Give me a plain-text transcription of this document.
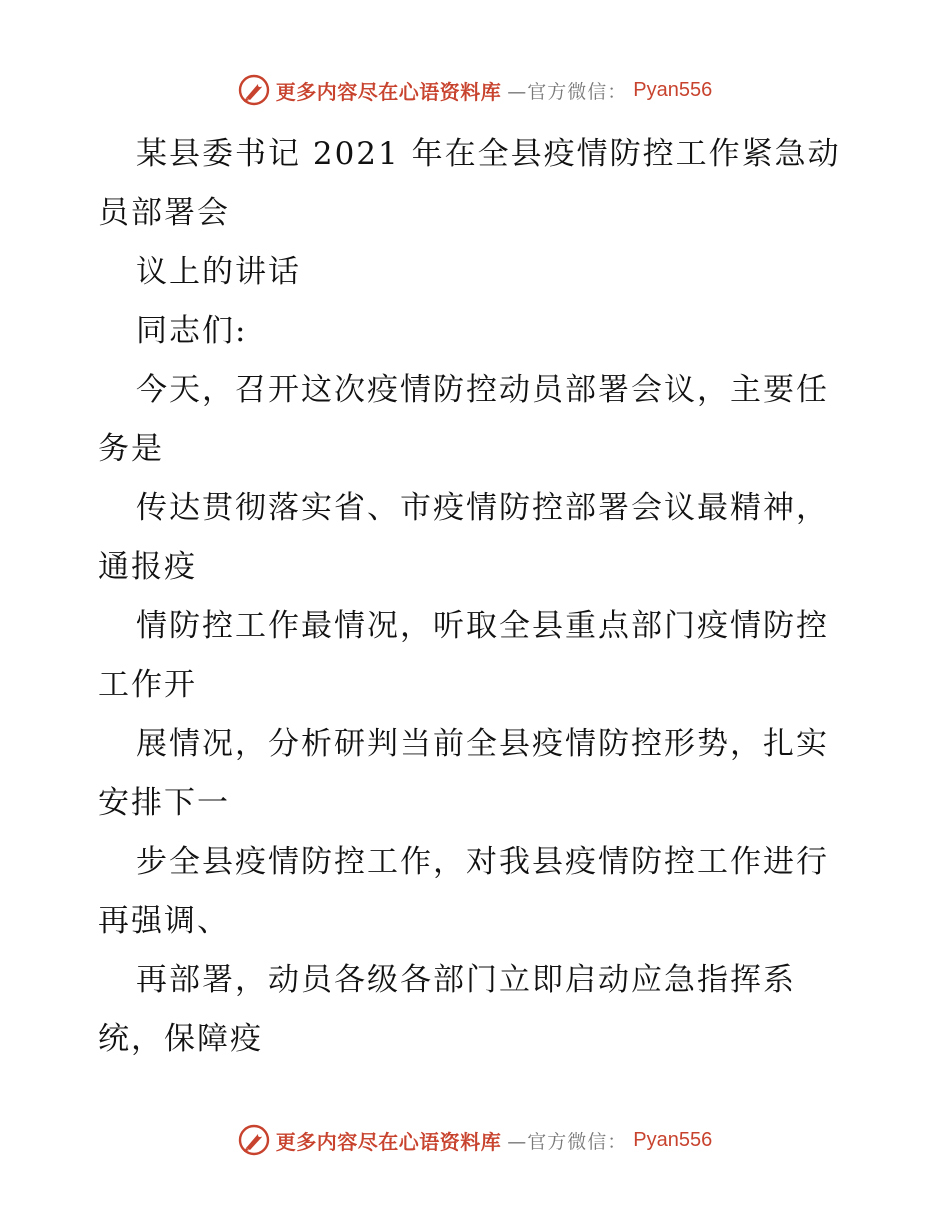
更多内容尽在心语资料库 —官方微信： Pyan556
某县委书记 2021 年在全县疫情防控工作紧急动
员部署会
议上的讲话
同志们:
今天，召开这次疫情防控动员部署会议，主要任
务是
传达贯彻落实省、市疫情防控部署会议最精神，
通报疫
情防控工作最情况，听取全县重点部门疫情防控
工作开
展情况，分析研判当前全县疫情防控形势，扎实
安排下一
步全县疫情防控工作，对我县疫情防控工作进行
再强调、
再部署，动员各级各部门立即启动应急指挥系
统，保障疫
更多内容尽在心语资料库 —官方微信： Pyan556
